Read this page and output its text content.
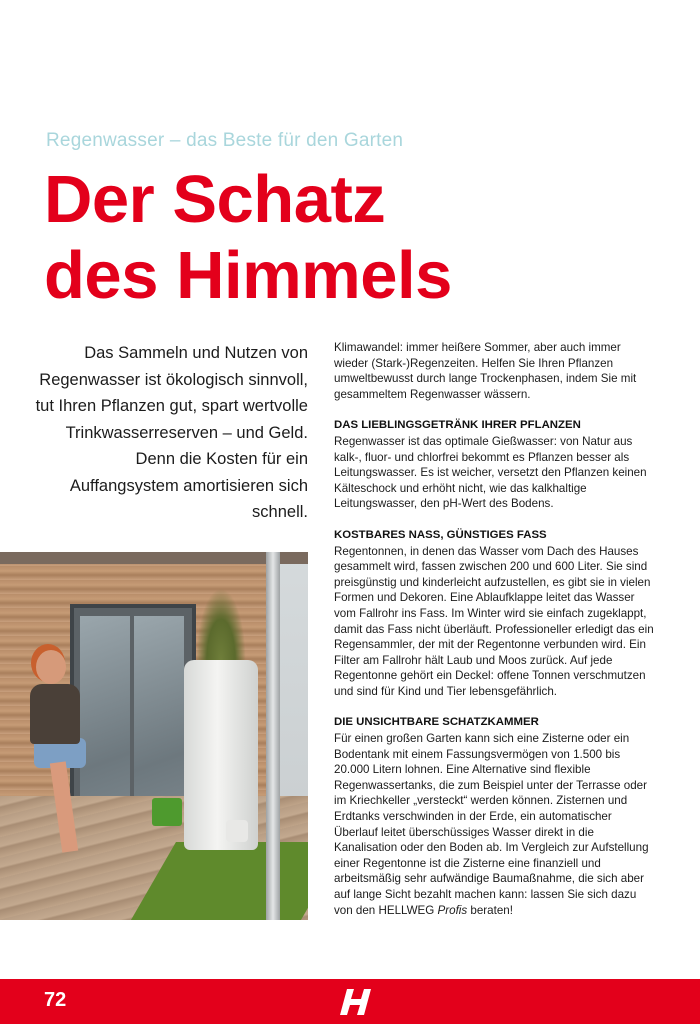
Regenwasser – das Beste für den Garten
Der Schatz
des Himmels
Das Sammeln und Nutzen von Regenwasser ist ökologisch sinnvoll, tut Ihren Pflanzen gut, spart wertvolle Trinkwasserreserven – und Geld. Denn die Kosten für ein Auffangsystem amortisieren sich schnell.

Klimawandel: immer heißere Sommer, aber auch immer wieder (Stark-)Regenzeiten. Helfen Sie Ihren Pflanzen umweltbewusst durch lange Trockenphasen, indem Sie mit gesammeltem Regenwasser wässern.

DAS LIEBLINGSGETRÄNK IHRER PFLANZEN

Regenwasser ist das optimale Gießwasser: von Natur aus kalk-, fluor- und chlorfrei bekommt es Pflanzen besser als Leitungswasser. Es ist weicher, versetzt den Pflanzen keinen Kälteschock und erhöht nicht, wie das kalkhaltige Leitungswasser, den pH-Wert des Bodens.

KOSTBARES NASS, GÜNSTIGES FASS

Regentonnen, in denen das Wasser vom Dach des Hauses gesammelt wird, fassen zwischen 200 und 600 Liter. Sie sind preisgünstig und kinderleicht aufzustellen, es gibt sie in vielen Formen und Dekoren. Eine Ablaufklappe leitet das Wasser vom Fallrohr ins Fass. Im Winter wird sie einfach zugeklappt, damit das Fass nicht überläuft. Professioneller erledigt das ein Regensammler, der mit der Regentonne verbunden wird. Ein Filter am Fallrohr hält Laub und Moos zurück. Auf jede Regentonne gehört ein Deckel: offene Tonnen verschmutzen und sind für Kind und Tier lebensgefährlich.

DIE UNSICHTBARE SCHATZKAMMER

Für einen großen Garten kann sich eine Zisterne oder ein Bodentank mit einem Fassungsvermögen von 1.500 bis 20.000 Litern lohnen. Eine Alternative sind flexible Regenwassertanks, die zum Beispiel unter der Terrasse oder im Kriechkeller „versteckt“ werden können. Zisternen und Erdtanks verschwinden in der Erde, ein automatischer Überlauf leitet überschüssiges Wasser direkt in die Kanalisation oder den Boden ab. Im Vergleich zur Aufstellung einer Regentonne ist die Zisterne eine finanziell und arbeitsmäßig sehr aufwändige Baumaßnahme, die sich aber auf lange Sicht bezahlt machen kann: lassen Sie sich dazu von den HELLWEG Profis beraten!

72
